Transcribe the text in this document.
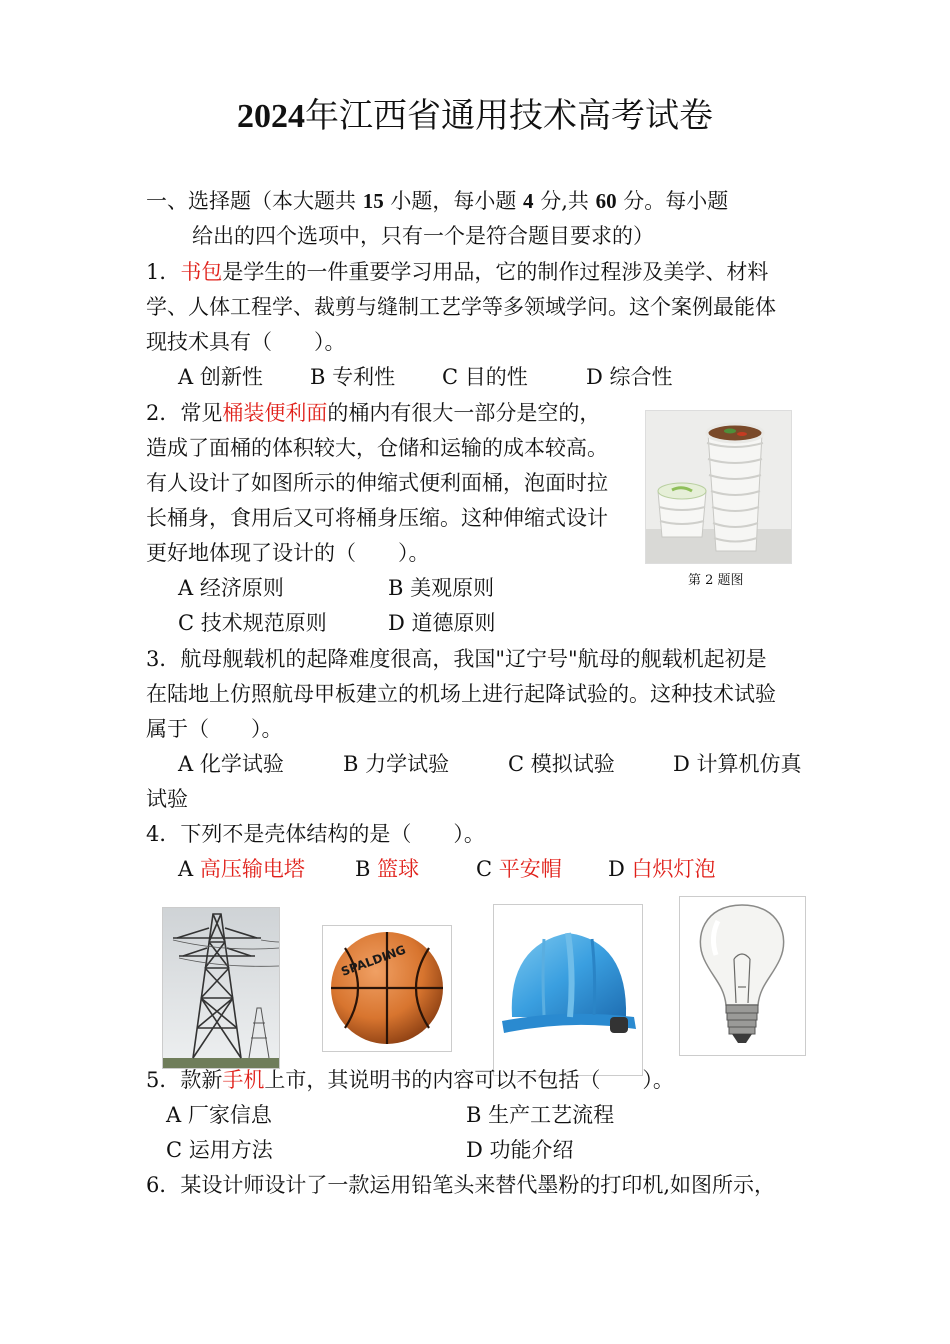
2024年江西省通用技术高考试卷
一、选择题（本大题共 15 小题，每小题 4 分,共 60 分。每小题
给出的四个选项中，只有一个是符合题目要求的）
1．书包是学生的一件重要学习用品，它的制作过程涉及美学、材料
学、人体工程学、裁剪与缝制工艺学等多领域学问。这个案例最能体
现技术具有（　　）。
A 创新性 B 专利性 C 目的性	D 综合性
2．常见桶装便利面的桶内有很大一部分是空的，
造成了面桶的体积较大，仓储和运输的成本较高。
有人设计了如图所示的伸缩式便利面桶，泡面时拉
长桶身，食用后又可将桶身压缩。这种伸缩式设计
更好地体现了设计的（　　）。
A 经济原则	B 美观原则
C 技术规范原则	D 道德原则
第 2 题图
3．航母舰载机的起降难度很高，我国"辽宁号"航母的舰载机起初是
在陆地上仿照航母甲板建立的机场上进行起降试验的。这种技术试验
属于（　　）。
A 化学试验	B 力学试验	C 模拟试验	D 计算机仿真
试验
4．下列不是壳体结构的是（　　）。
A 高压输电塔 B 篮球	C 平安帽 D 白炽灯泡
SPALDING
5．款新手机上市，其说明书的内容可以不包括（　　）。
A 厂家信息	B 生产工艺流程
C 运用方法	D 功能介绍
6．某设计师设计了一款运用铅笔头来替代墨粉的打印机,如图所示，
